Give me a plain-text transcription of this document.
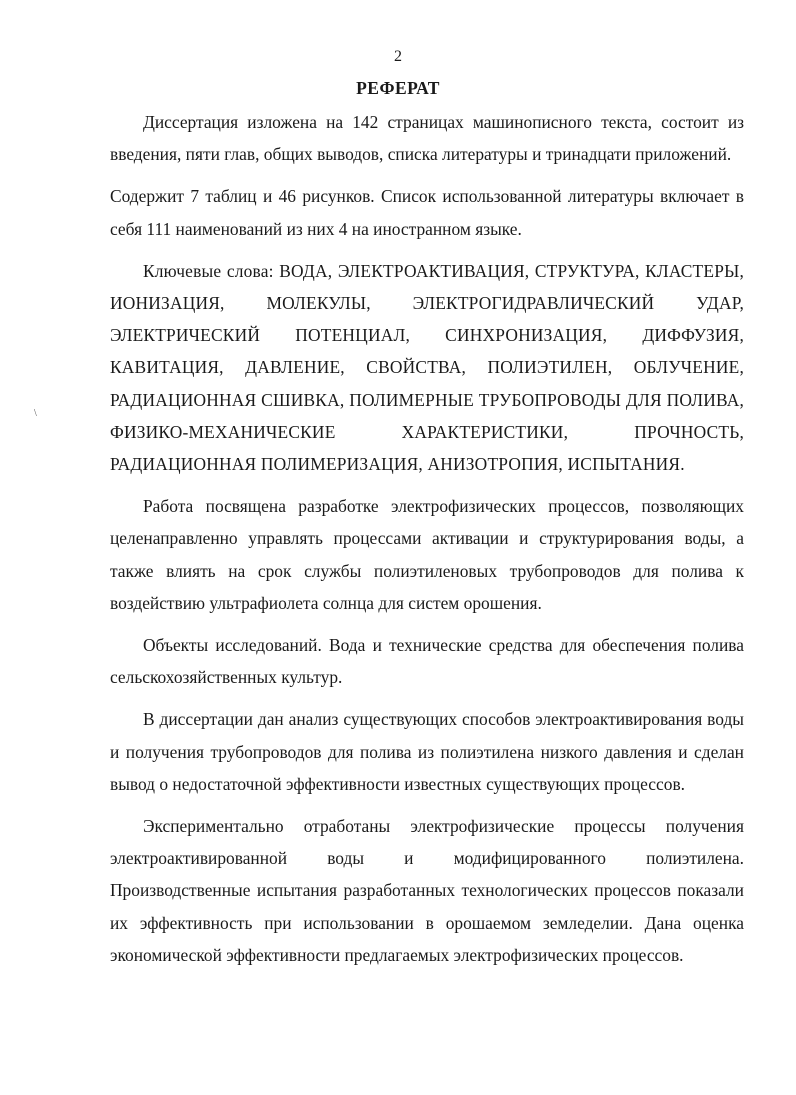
2
РЕФЕРАТ
\

Диссертация изложена на 142 страницах машинописного текста, состоит из введения, пяти глав, общих выводов, списка литературы и тринадцати приложений.

Содержит 7 таблиц и 46 рисунков. Список использованной литературы включает в себя 111 наименований из них 4 на иностранном языке.

Ключевые слова: ВОДА, ЭЛЕКТРОАКТИВАЦИЯ, СТРУКТУРА, КЛАСТЕРЫ, ИОНИЗАЦИЯ, МОЛЕКУЛЫ, ЭЛЕКТРОГИДРАВЛИЧЕСКИЙ УДАР, ЭЛЕКТРИЧЕСКИЙ ПОТЕНЦИАЛ, СИНХРОНИЗАЦИЯ, ДИФФУЗИЯ, КАВИТАЦИЯ, ДАВЛЕНИЕ, СВОЙСТВА, ПОЛИЭТИЛЕН, ОБЛУЧЕНИЕ, РАДИАЦИОННАЯ СШИВКА, ПОЛИМЕРНЫЕ ТРУБОПРОВОДЫ ДЛЯ ПОЛИВА, ФИЗИКО-МЕХАНИЧЕСКИЕ ХАРАКТЕРИСТИКИ, ПРОЧНОСТЬ, РАДИАЦИОННАЯ ПОЛИМЕРИЗАЦИЯ, АНИЗОТРОПИЯ, ИСПЫТАНИЯ.

Работа посвящена разработке электрофизических процессов, позволяющих целенаправленно управлять процессами активации и структурирования воды, а также влиять на срок службы полиэтиленовых трубопроводов для полива к воздействию ультрафиолета солнца для систем орошения.

Объекты исследований. Вода и технические средства для обеспечения полива сельскохозяйственных культур.

В диссертации дан анализ существующих способов электроактивирования воды и получения трубопроводов для полива из полиэтилена низкого давления и сделан вывод о недостаточной эффективности известных существующих процессов.

Экспериментально отработаны электрофизические процессы получения электроактивированной воды и модифицированного полиэтилена. Производственные испытания разработанных технологических процессов показали их эффективность при использовании в орошаемом земледелии. Дана оценка экономической эффективности предлагаемых электрофизических процессов.
